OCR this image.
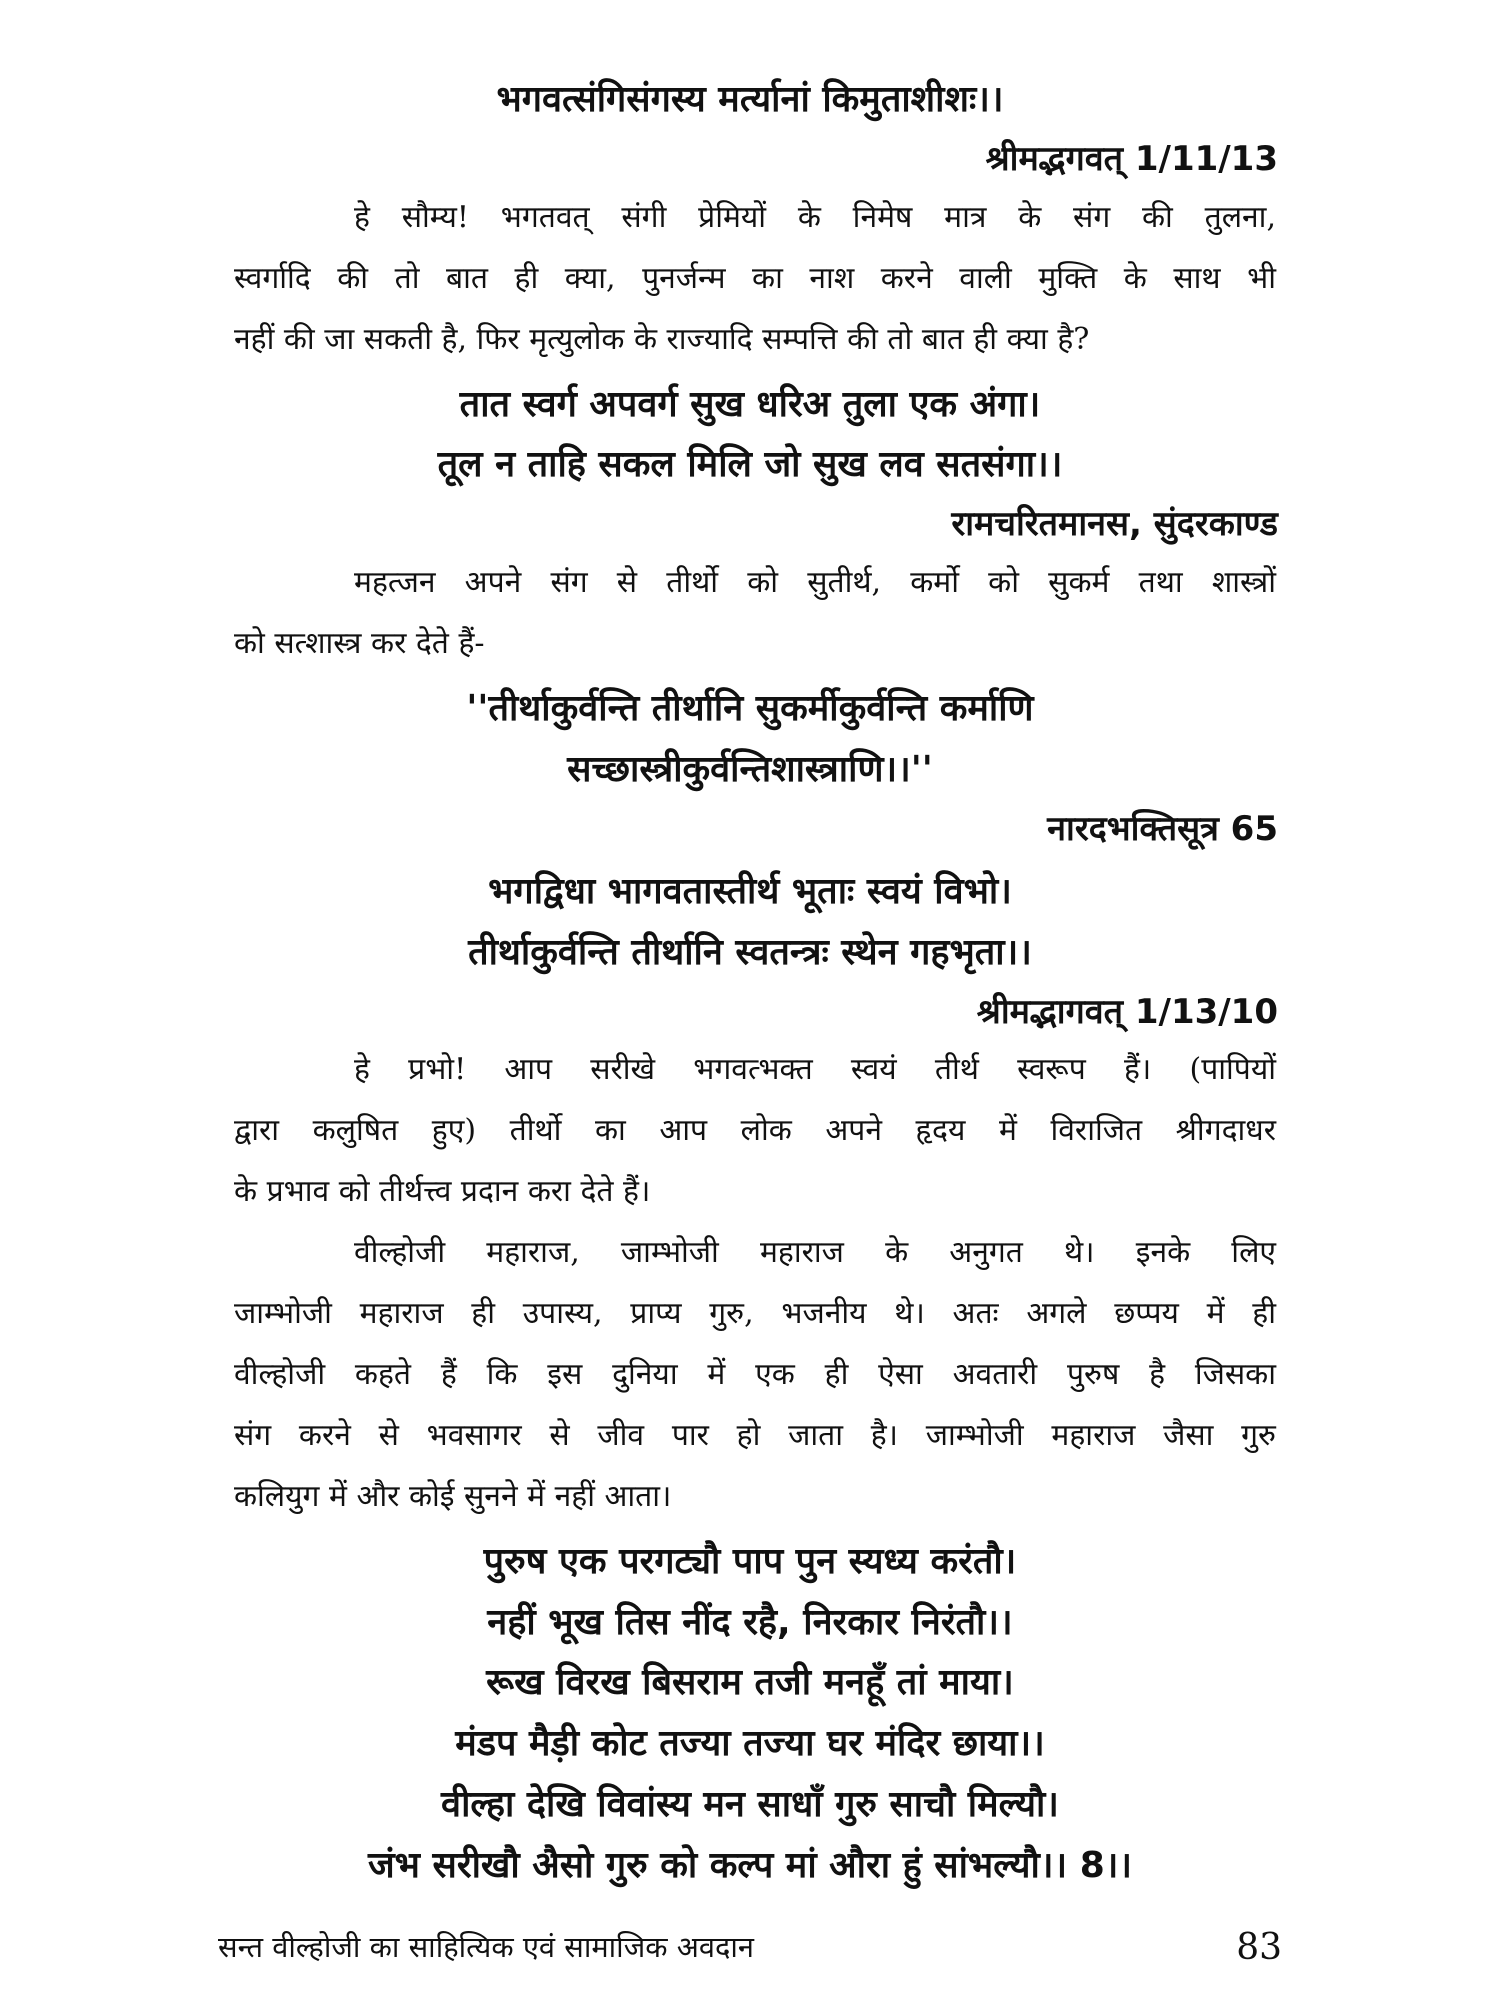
भगवत्संगिसंगस्य मर्त्यानां किमुताशीशः।।
श्रीमद्भगवत् 1/11/13
हे सौम्य! भगतवत् संगी प्रेमियों के निमेष मात्र के संग की तुलना,
स्वर्गादि की तो बात ही क्या, पुनर्जन्म का नाश करने वाली मुक्ति के साथ भी
नहीं की जा सकती है, फिर मृत्युलोक के राज्यादि सम्पत्ति की तो बात ही क्या है?
तात स्वर्ग अपवर्ग सुख धरिअ तुला एक अंगा।
तूल न ताहि सकल मिलि जो सुख लव सतसंगा।।
रामचरितमानस, सुंदरकाण्ड
महत्जन अपने संग से तीर्थो को सुतीर्थ, कर्मो को सुकर्म तथा शास्त्रों
को सत्शास्त्र कर देते हैं-
''तीर्थाकुर्वन्ति तीर्थानि सुकर्मीकुर्वन्ति कर्माणि
सच्छास्त्रीकुर्वन्तिशास्त्राणि।।''
नारदभक्तिसूत्र 65
भगद्विधा भागवतास्तीर्थ भूताः स्वयं विभो।
तीर्थाकुर्वन्ति तीर्थानि स्वतन्त्रः स्थेन गहभृता।।
श्रीमद्भागवत् 1/13/10
हे प्रभो! आप सरीखे भगवत्भक्त स्वयं तीर्थ स्वरूप हैं। (पापियों
द्वारा कलुषित हुए) तीर्थो का आप लोक अपने हृदय में विराजित श्रीगदाधर
के प्रभाव को तीर्थत्त्व प्रदान करा देते हैं।
वील्होजी महाराज, जाम्भोजी महाराज के अनुगत थे। इनके लिए
जाम्भोजी महाराज ही उपास्य, प्राप्य गुरु, भजनीय थे। अतः अगले छप्पय में ही
वील्होजी कहते हैं कि इस दुनिया में एक ही ऐसा अवतारी पुरुष है जिसका
संग करने से भवसागर से जीव पार हो जाता है। जाम्भोजी महाराज जैसा गुरु
कलियुग में और कोई सुनने में नहीं आता।
पुरुष एक परगट्यौ पाप पुन स्यध्य करंतौ।
नहीं भूख तिस नींद रहै, निरकार निरंतौ।।
रूख विरख बिसराम तजी मनहूँ तां माया।
मंडप मैड़ी कोट तज्या तज्या घर मंदिर छाया।।
वील्हा देखि विवांस्य मन साधाँ गुरु साचौ मिल्यौ।
जंभ सरीखौ अैसो गुरु को कल्प मां औरा हुं सांभल्यौ।। 8।।
सन्त वील्होजी का साहित्यिक एवं सामाजिक अवदान	83
